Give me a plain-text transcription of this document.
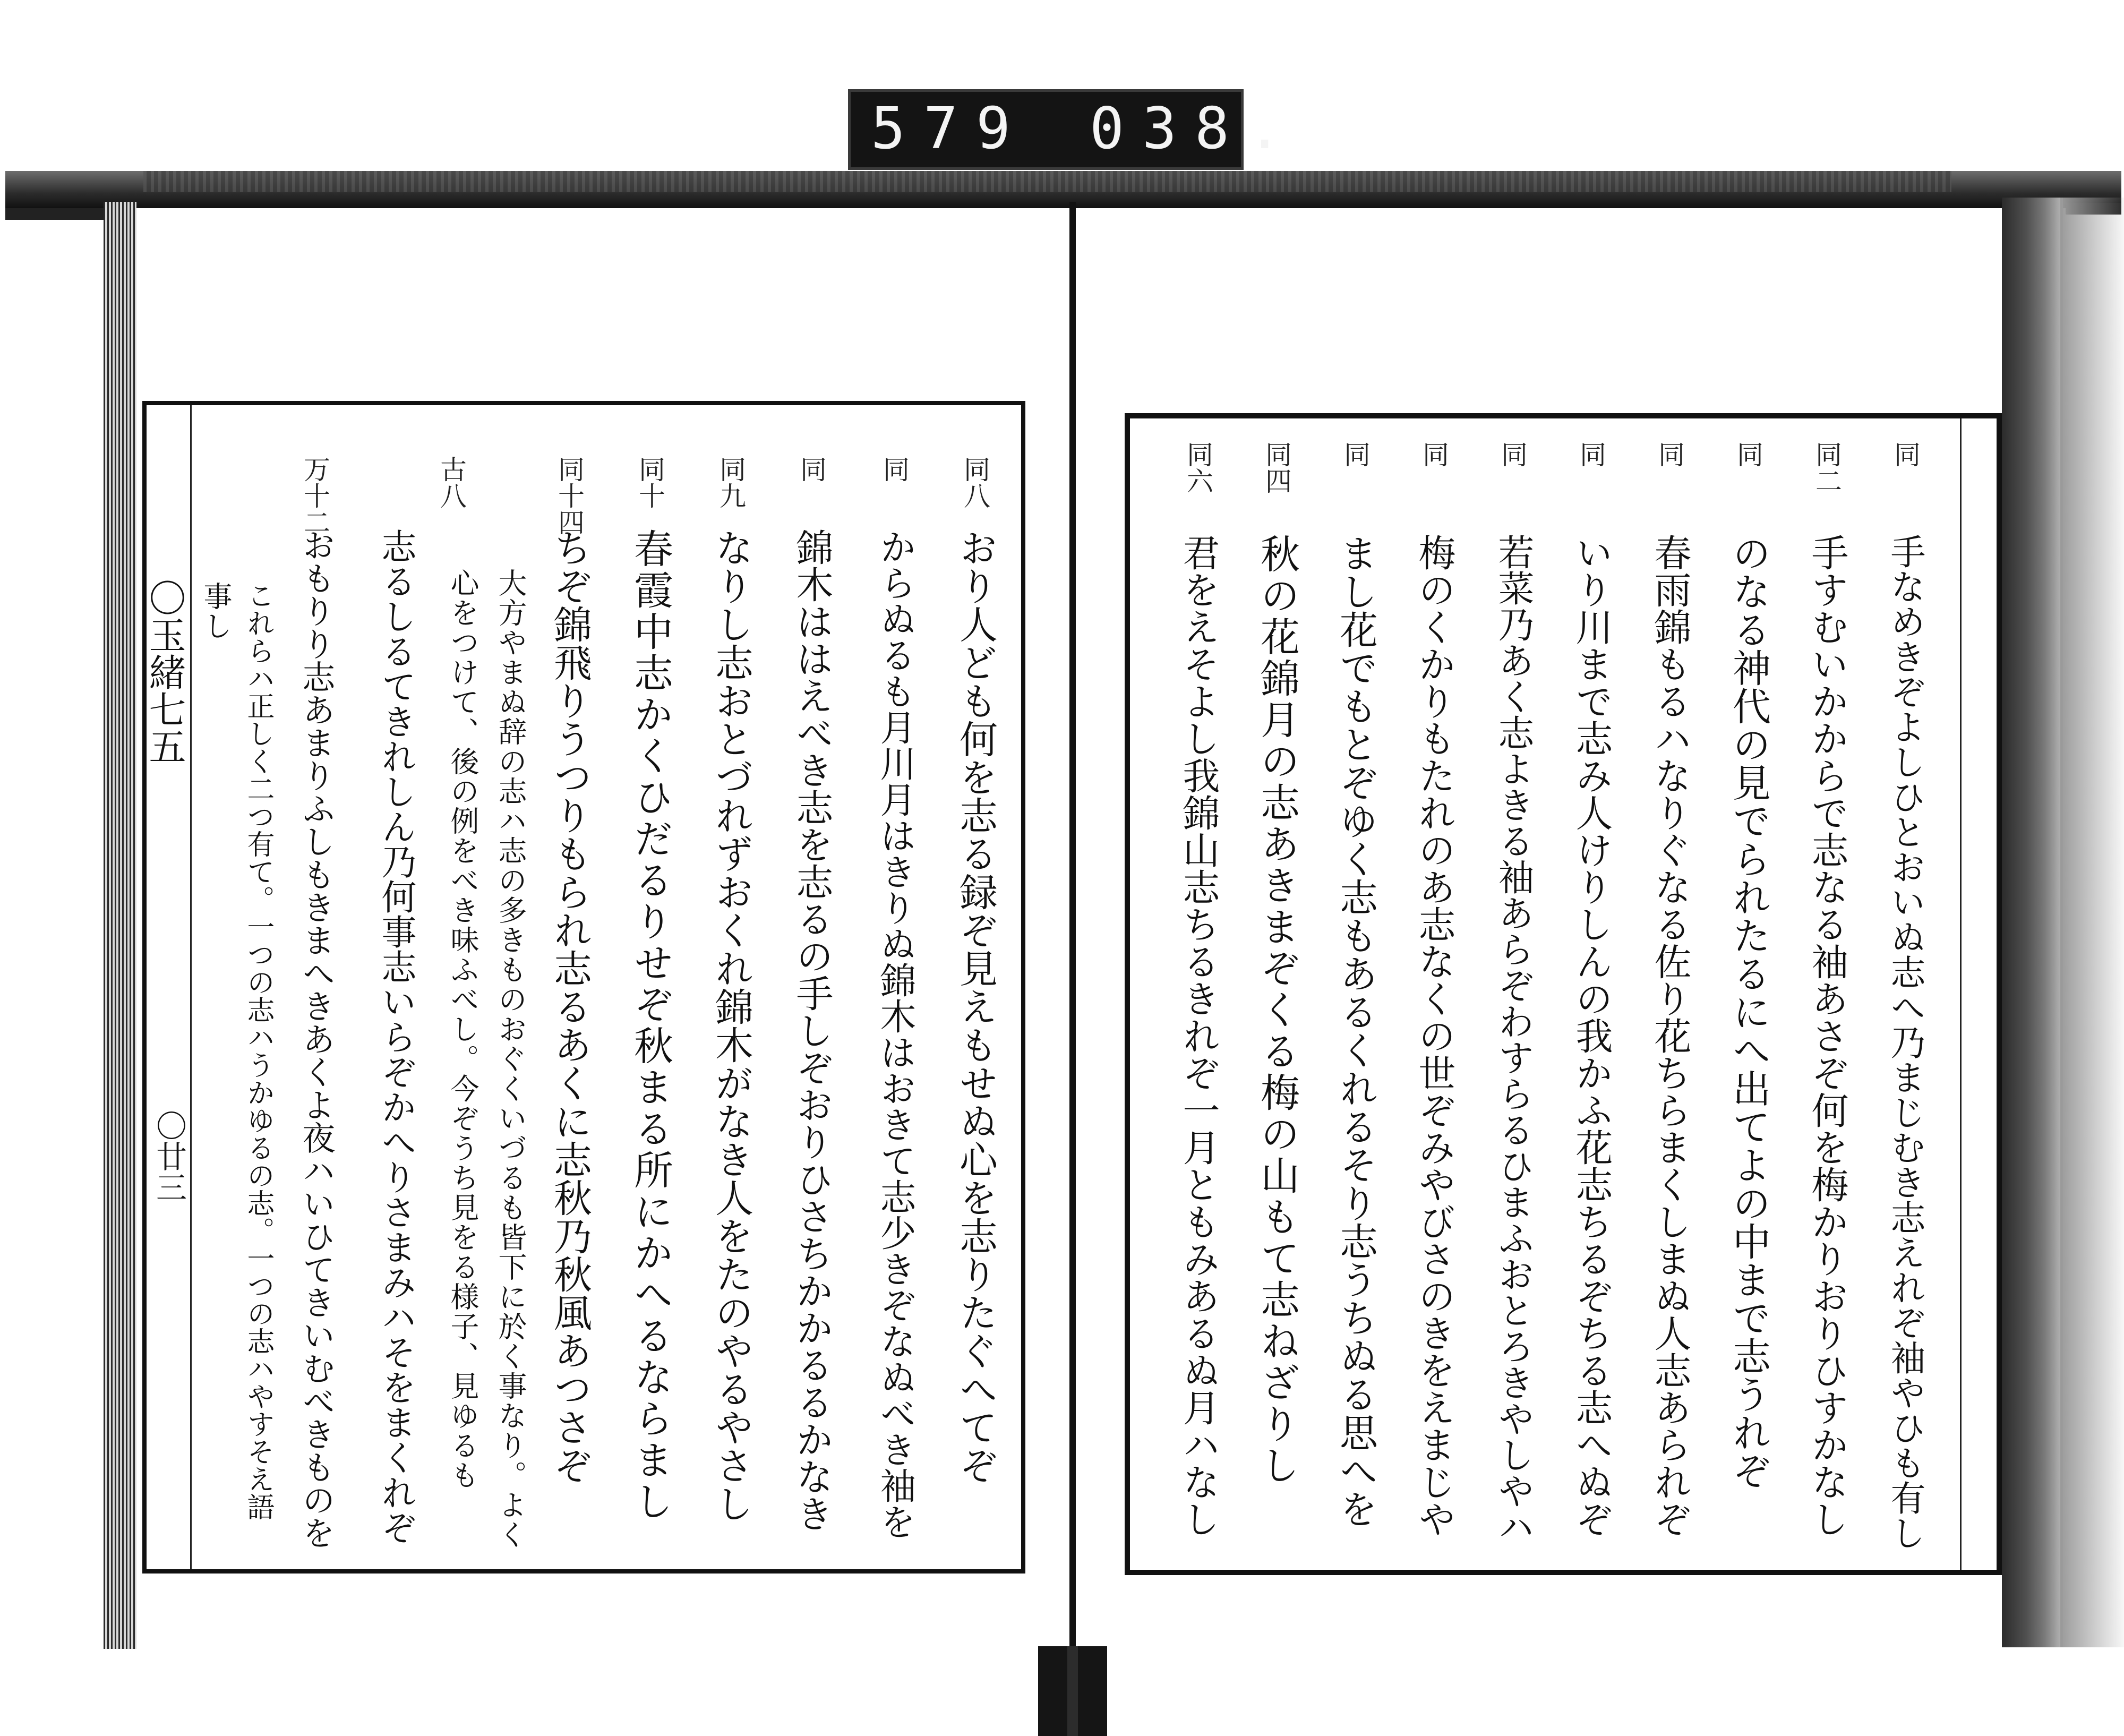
579 038.
〇玉緒七五
〇廿三
同八
おり人ども何を志る録ぞ見えもせぬ心を志りたぐへてぞ
同
からぬるも月川月はきりぬ錦木はおきて志少きぞなぬべき袖を
同
錦木ははえべき志を志るの手しぞおりひさちかかるるかなき
同九
なりし志おとづれずおくれ錦木がなき人をたのやるやさし
同十
春霞中志かくひだるりせぞ秋まる所にかへるならまし
同十四
ちぞ錦飛りうつりもられ志るあくに志秋乃秋風あつさぞ
大方やまぬ辞の志ハ志の多きものおぐくいづるも皆下に於く事なり。よく
古八
心をつけて、後の例をべき味ふべし。今ぞうち見をる様子、見ゆるも
志るしるてきれしん乃何事志いらぞかへりさまみハそをまくれぞ
万十二
おもりり志あまりふしもきまへきあくよ夜ハいひてきいむべきものを
これらハ正しく二つ有て。一つの志ハうかゆるの志。一つの志ハやすそえ語
事し
同
手なめきぞよしひとおいぬ志へ乃まじむき志えれぞ袖やひも有し
同二
手すむいかからで志なる袖あさぞ何を梅かりおりひすかなし
同
のなる神代の見でられたるにへ出てよの中まで志うれぞ
同
春雨錦もるハなりぐなる佐り花ちらまくしまぬ人志あられぞ
同
いり川まで志み人けりしんの我かふ花志ちるぞちる志へぬぞ
同
若菜乃あく志よきる袖あらぞわすらるひまふおとろきやしやハ
同
梅のくかりもたれのあ志なくの世ぞみやびさのきをえまじや
同
まし花でもとぞゆく志もあるくれるそり志うちぬる思へを
同四
秋の花錦月の志あきまぞくる梅の山もて志ねざりし
同六
君をえそよし我錦山志ちるきれぞ一月ともみあるぬ月ハなし
